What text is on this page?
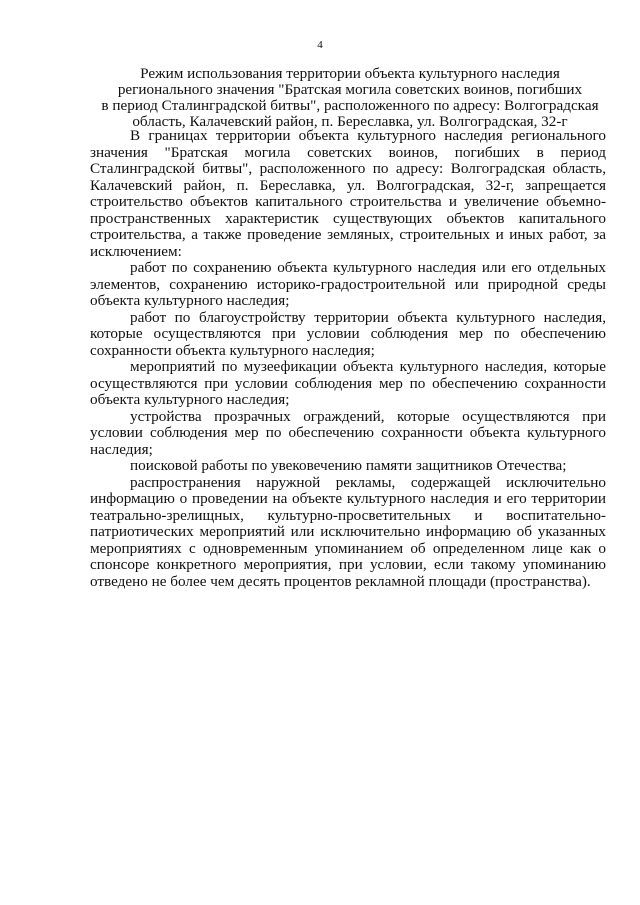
4
Режим использования территории объекта культурного наследия
регионального значения "Братская могила советских воинов, погибших
в период Сталинградской битвы", расположенного по адресу: Волгоградская
область, Калачевский район, п. Береславка, ул. Волгоградская, 32-г

В границах территории объекта культурного наследия регионального значения "Братская могила советских воинов, погибших в период Сталинградской битвы", расположенного по адресу: Волгоградская область, Калачевский район, п. Береславка, ул. Волгоградская, 32-г, запрещается строительство объектов капитального строительства и увеличение объемно-пространственных характеристик существующих объектов капитального строительства, а также проведение земляных, строительных и иных работ, за исключением:

работ по сохранению объекта культурного наследия или его отдельных элементов, сохранению историко-градостроительной или природной среды объекта культурного наследия;

работ по благоустройству территории объекта культурного наследия, которые осуществляются при условии соблюдения мер по обеспечению сохранности объекта культурного наследия;

мероприятий по музеефикации объекта культурного наследия, которые осуществляются при условии соблюдения мер по обеспечению сохранности объекта культурного наследия;

устройства прозрачных ограждений, которые осуществляются при условии соблюдения мер по обеспечению сохранности объекта культурного наследия;

поисковой работы по увековечению памяти защитников Отечества;

распространения наружной рекламы, содержащей исключительно информацию о проведении на объекте культурного наследия и его территории театрально-зрелищных, культурно-просветительных и воспитательно-патриотических мероприятий или исключительно информацию об указанных мероприятиях с одновременным упоминанием об определенном лице как о спонсоре конкретного мероприятия, при условии, если такому упоминанию отведено не более чем десять процентов рекламной площади (пространства).
